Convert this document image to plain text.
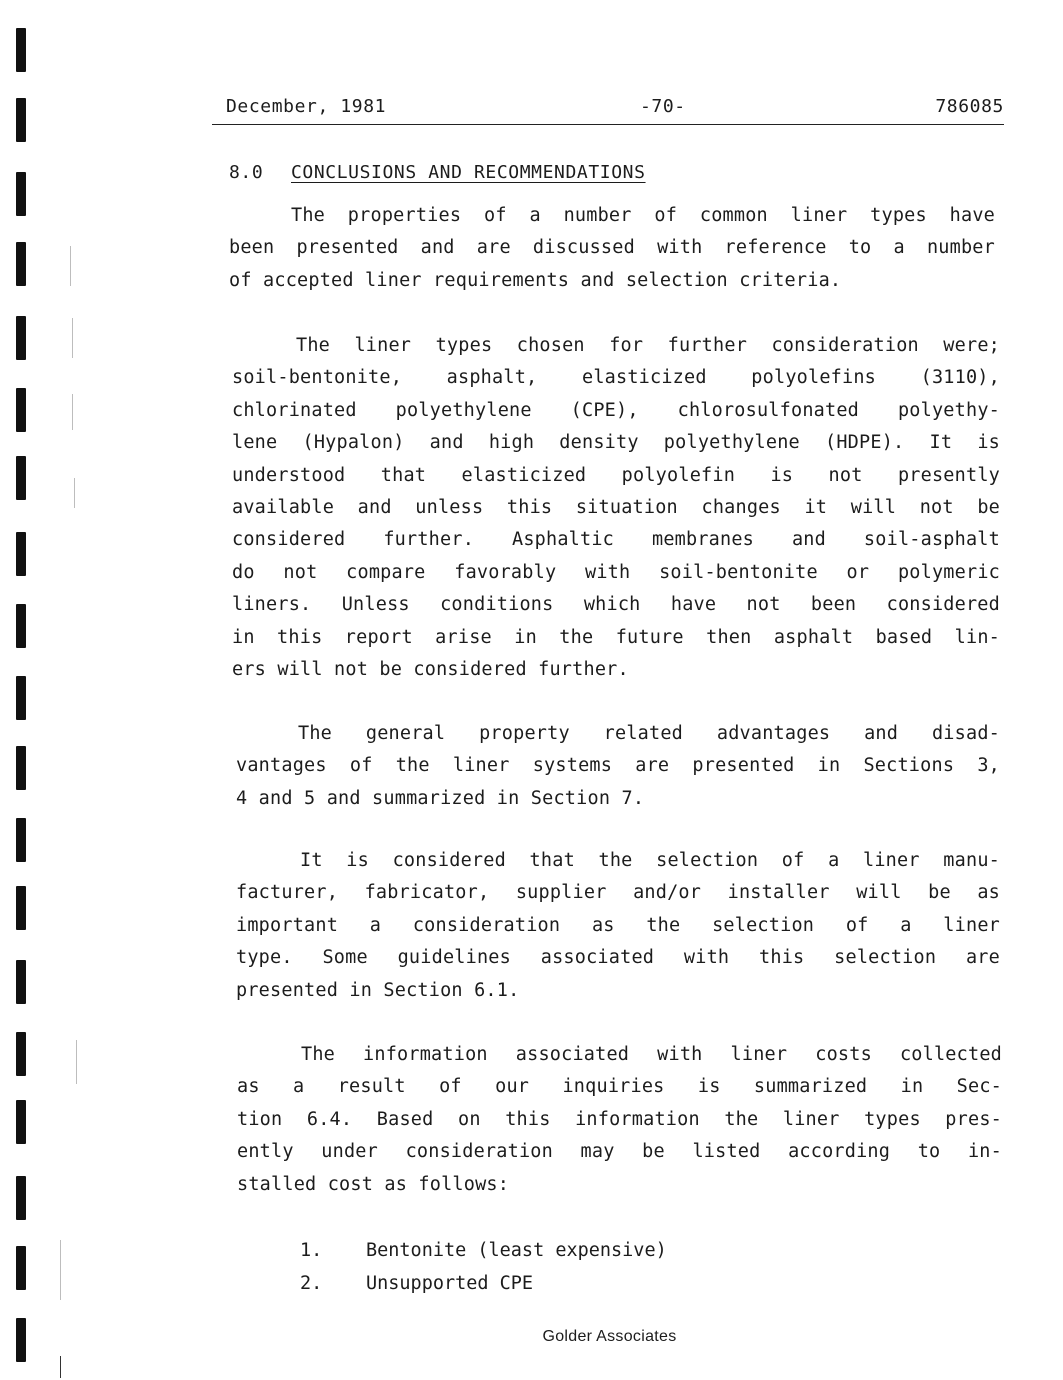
December, 1981	-70-	786085
8.0 CONCLUSIONS AND RECOMMENDATIONS
The properties of a number of common liner types have
been presented and are discussed with reference to a number
of accepted liner requirements and selection criteria.
The liner types chosen for further consideration were;
soil-bentonite, asphalt, elasticized polyolefins (3110),
chlorinated polyethylene (CPE), chlorosulfonated polyethy-
lene (Hypalon) and high density polyethylene (HDPE). It is
understood that elasticized polyolefin is not presently
available and unless this situation changes it will not be
considered further. Asphaltic membranes and soil-asphalt
do not compare favorably with soil-bentonite or polymeric
liners. Unless conditions which have not been considered
in this report arise in the future then asphalt based lin-
ers will not be considered further.
The general property related advantages and disad-
vantages of the liner systems are presented in Sections 3,
4 and 5 and summarized in Section 7.
It is considered that the selection of a liner manu-
facturer, fabricator, supplier and/or installer will be as
important a consideration as the selection of a liner
type. Some guidelines associated with this selection are
presented in Section 6.1.
The information associated with liner costs collected
as a result of our inquiries is summarized in Sec-
tion 6.4. Based on this information the liner types pres-
ently under consideration may be listed according to in-
stalled cost as follows:
1.	Bentonite (least expensive)
2.	Unsupported CPE
Golder Associates
